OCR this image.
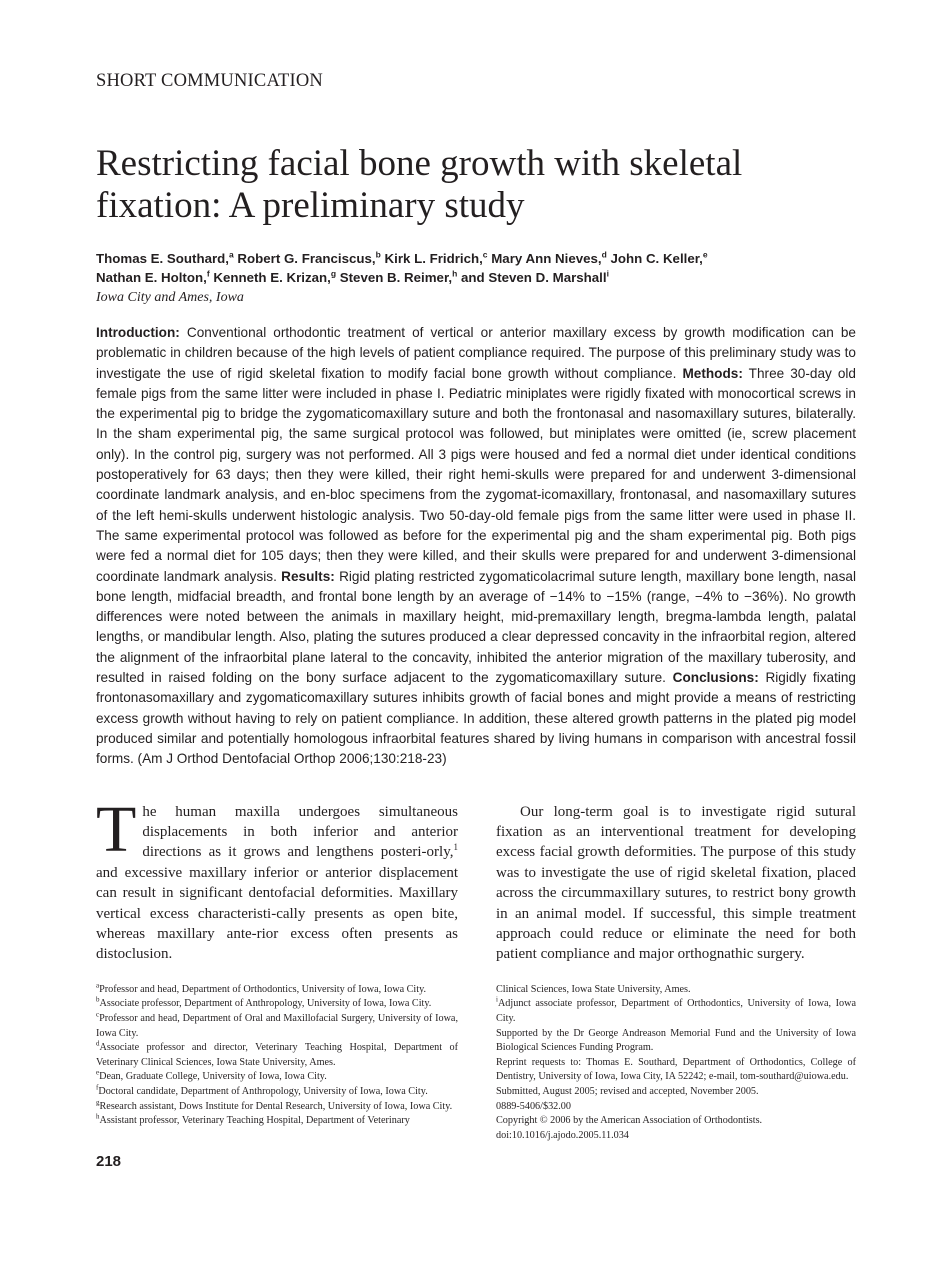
SHORT COMMUNICATION
Restricting facial bone growth with skeletal fixation: A preliminary study
Thomas E. Southard,$^a$ Robert G. Franciscus,$^b$ Kirk L. Fridrich,$^c$ Mary Ann Nieves,$^d$ John C. Keller,$^e$
Nathan E. Holton,$^f$ Kenneth E. Krizan,$^g$ Steven B. Reimer,$^h$ and Steven D. Marshall$^i$
Iowa City and Ames, Iowa
Introduction: Conventional orthodontic treatment of vertical or anterior maxillary excess by growth modification can be problematic in children because of the high levels of patient compliance required. The purpose of this preliminary study was to investigate the use of rigid skeletal fixation to modify facial bone growth without compliance. Methods: Three 30-day old female pigs from the same litter were included in phase I. Pediatric miniplates were rigidly fixated with monocortical screws in the experimental pig to bridge the zygomaticomaxillary suture and both the frontonasal and nasomaxillary sutures, bilaterally. In the sham experimental pig, the same surgical protocol was followed, but miniplates were omitted (ie, screw placement only). In the control pig, surgery was not performed. All 3 pigs were housed and fed a normal diet under identical conditions postoperatively for 63 days; then they were killed, their right hemi-skulls were prepared for and underwent 3-dimensional coordinate landmark analysis, and en-bloc specimens from the zygomat-icomaxillary, frontonasal, and nasomaxillary sutures of the left hemi-skulls underwent histologic analysis. Two 50-day-old female pigs from the same litter were used in phase II. The same experimental protocol was followed as before for the experimental pig and the sham experimental pig. Both pigs were fed a normal diet for 105 days; then they were killed, and their skulls were prepared for and underwent 3-dimensional coordinate landmark analysis. Results: Rigid plating restricted zygomaticolacrimal suture length, maxillary bone length, nasal bone length, midfacial breadth, and frontal bone length by an average of −14% to −15% (range, −4% to −36%). No growth differences were noted between the animals in maxillary height, mid-premaxillary length, bregma-lambda length, palatal lengths, or mandibular length. Also, plating the sutures produced a clear depressed concavity in the infraorbital region, altered the alignment of the infraorbital plane lateral to the concavity, inhibited the anterior migration of the maxillary tuberosity, and resulted in raised folding on the bony surface adjacent to the zygomaticomaxillary suture. Conclusions: Rigidly fixating frontonasomaxillary and zygomaticomaxillary sutures inhibits growth of facial bones and might provide a means of restricting excess growth without having to rely on patient compliance. In addition, these altered growth patterns in the plated pig model produced similar and potentially homologous infraorbital features shared by living humans in comparison with ancestral fossil forms. (Am J Orthod Dentofacial Orthop 2006;130:218-23)
The human maxilla undergoes simultaneous displacements in both inferior and anterior directions as it grows and lengthens posteri-orly,$^1$ and excessive maxillary inferior or anterior displacement can result in significant dentofacial deformities. Maxillary vertical excess characteristi-cally presents as open bite, whereas maxillary ante-rior excess often presents as distoclusion.
Our long-term goal is to investigate rigid sutural fixation as an interventional treatment for developing excess facial growth deformities. The purpose of this study was to investigate the use of rigid skeletal fixation, placed across the circummaxillary sutures, to restrict bony growth in an animal model. If successful, this simple treatment approach could reduce or eliminate the need for both patient compliance and major orthognathic surgery.
$^a$Professor and head, Department of Orthodontics, University of Iowa, Iowa City.
$^b$Associate professor, Department of Anthropology, University of Iowa, Iowa City.
$^c$Professor and head, Department of Oral and Maxillofacial Surgery, University of Iowa, Iowa City.
$^d$Associate professor and director, Veterinary Teaching Hospital, Department of Veterinary Clinical Sciences, Iowa State University, Ames.
$^e$Dean, Graduate College, University of Iowa, Iowa City.
$^f$Doctoral candidate, Department of Anthropology, University of Iowa, Iowa City.
$^g$Research assistant, Dows Institute for Dental Research, University of Iowa, Iowa City.
$^h$Assistant professor, Veterinary Teaching Hospital, Department of Veterinary
Clinical Sciences, Iowa State University, Ames.
$^i$Adjunct associate professor, Department of Orthodontics, University of Iowa, Iowa City.
Supported by the Dr George Andreason Memorial Fund and the University of Iowa Biological Sciences Funding Program.
Reprint requests to: Thomas E. Southard, Department of Orthodontics, College of Dentistry, University of Iowa, Iowa City, IA 52242; e-mail, tom-southard@uiowa.edu.
Submitted, August 2005; revised and accepted, November 2005.
0889-5406/$32.00
Copyright © 2006 by the American Association of Orthodontists.
doi:10.1016/j.ajodo.2005.11.034
218
